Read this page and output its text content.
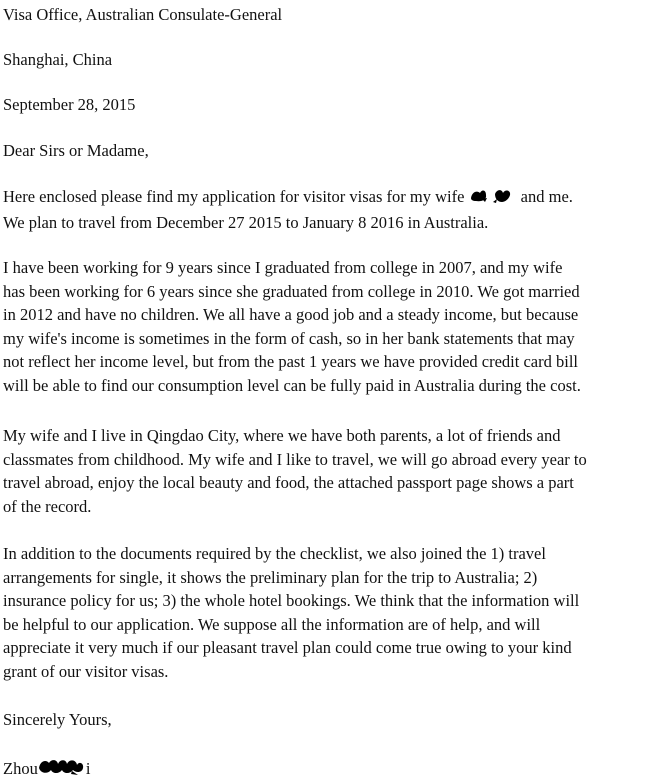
Visa Office, Australian Consulate-General
Shanghai, China
September 28, 2015
Dear Sirs or Madame,
Here enclosed please find my application for visitor visas for my wife	and me.
We plan to travel from December 27 2015 to January 8 2016 in Australia.
I have been working for 9 years since I graduated from college in 2007, and my wife
has been working for 6 years since she graduated from college in 2010. We got married
in 2012 and have no children. We all have a good job and a steady income, but because
my wife's income is sometimes in the form of cash, so in her bank statements that may
not reflect her income level, but from the past 1 years we have provided credit card bill
will be able to find our consumption level can be fully paid in Australia during the cost.
My wife and I live in Qingdao City, where we have both parents, a lot of friends and
classmates from childhood. My wife and I like to travel, we will go abroad every year to
travel abroad, enjoy the local beauty and food, the attached passport page shows a part
of the record.
In addition to the documents required by the checklist, we also joined the 1) travel
arrangements for single, it shows the preliminary plan for the trip to Australia; 2)
insurance policy for us; 3) the whole hotel bookings. We think that the information will
be helpful to our application. We suppose all the information are of help, and will
appreciate it very much if our pleasant travel plan could come true owing to your kind
grant of our visitor visas.
Sincerely Yours,
Zhou	i
